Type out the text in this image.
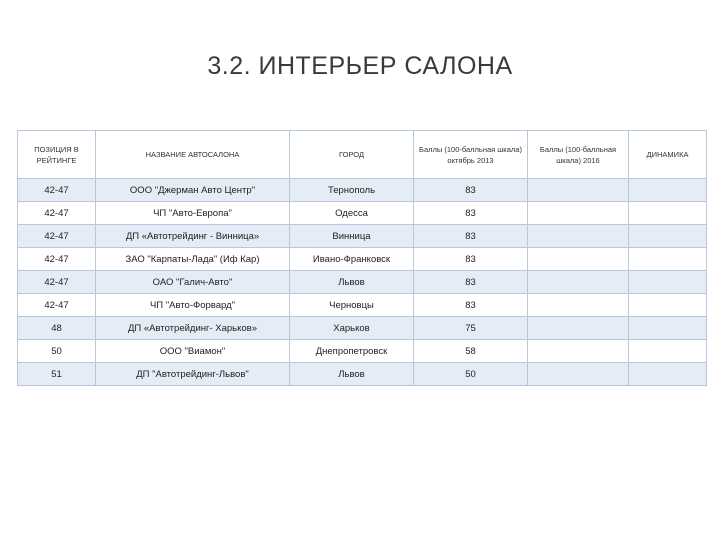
3.2. ИНТЕРЬЕР САЛОНА
ПОЗИЦИЯ В РЕЙТИНГЕ	НАЗВАНИЕ АВТОСАЛОНА	ГОРОД	Баллы (100-балльная шкала) октябрь 2013	Баллы (100-балльная шкала) 2016	ДИНАМИКА
42-47	ООО "Джерман Авто Центр"	Тернополь	83		
42-47	ЧП "Авто-Европа"	Одесса	83		
42-47	ДП «Автотрейдинг - Винница»	Винница	83		
42-47	ЗАО "Карпаты-Лада" (Иф Кар)	Ивано-Франковск	83		
42-47	ОАО "Галич-Авто"	Львов	83		
42-47	ЧП "Авто-Форвард"	Черновцы	83		
48	ДП «Автотрейдинг- Харьков»	Харьков	75		
50	ООО "Виамон"	Днепропетровск	58		
51	ДП "Автотрейдинг-Львов"	Львов	50		
